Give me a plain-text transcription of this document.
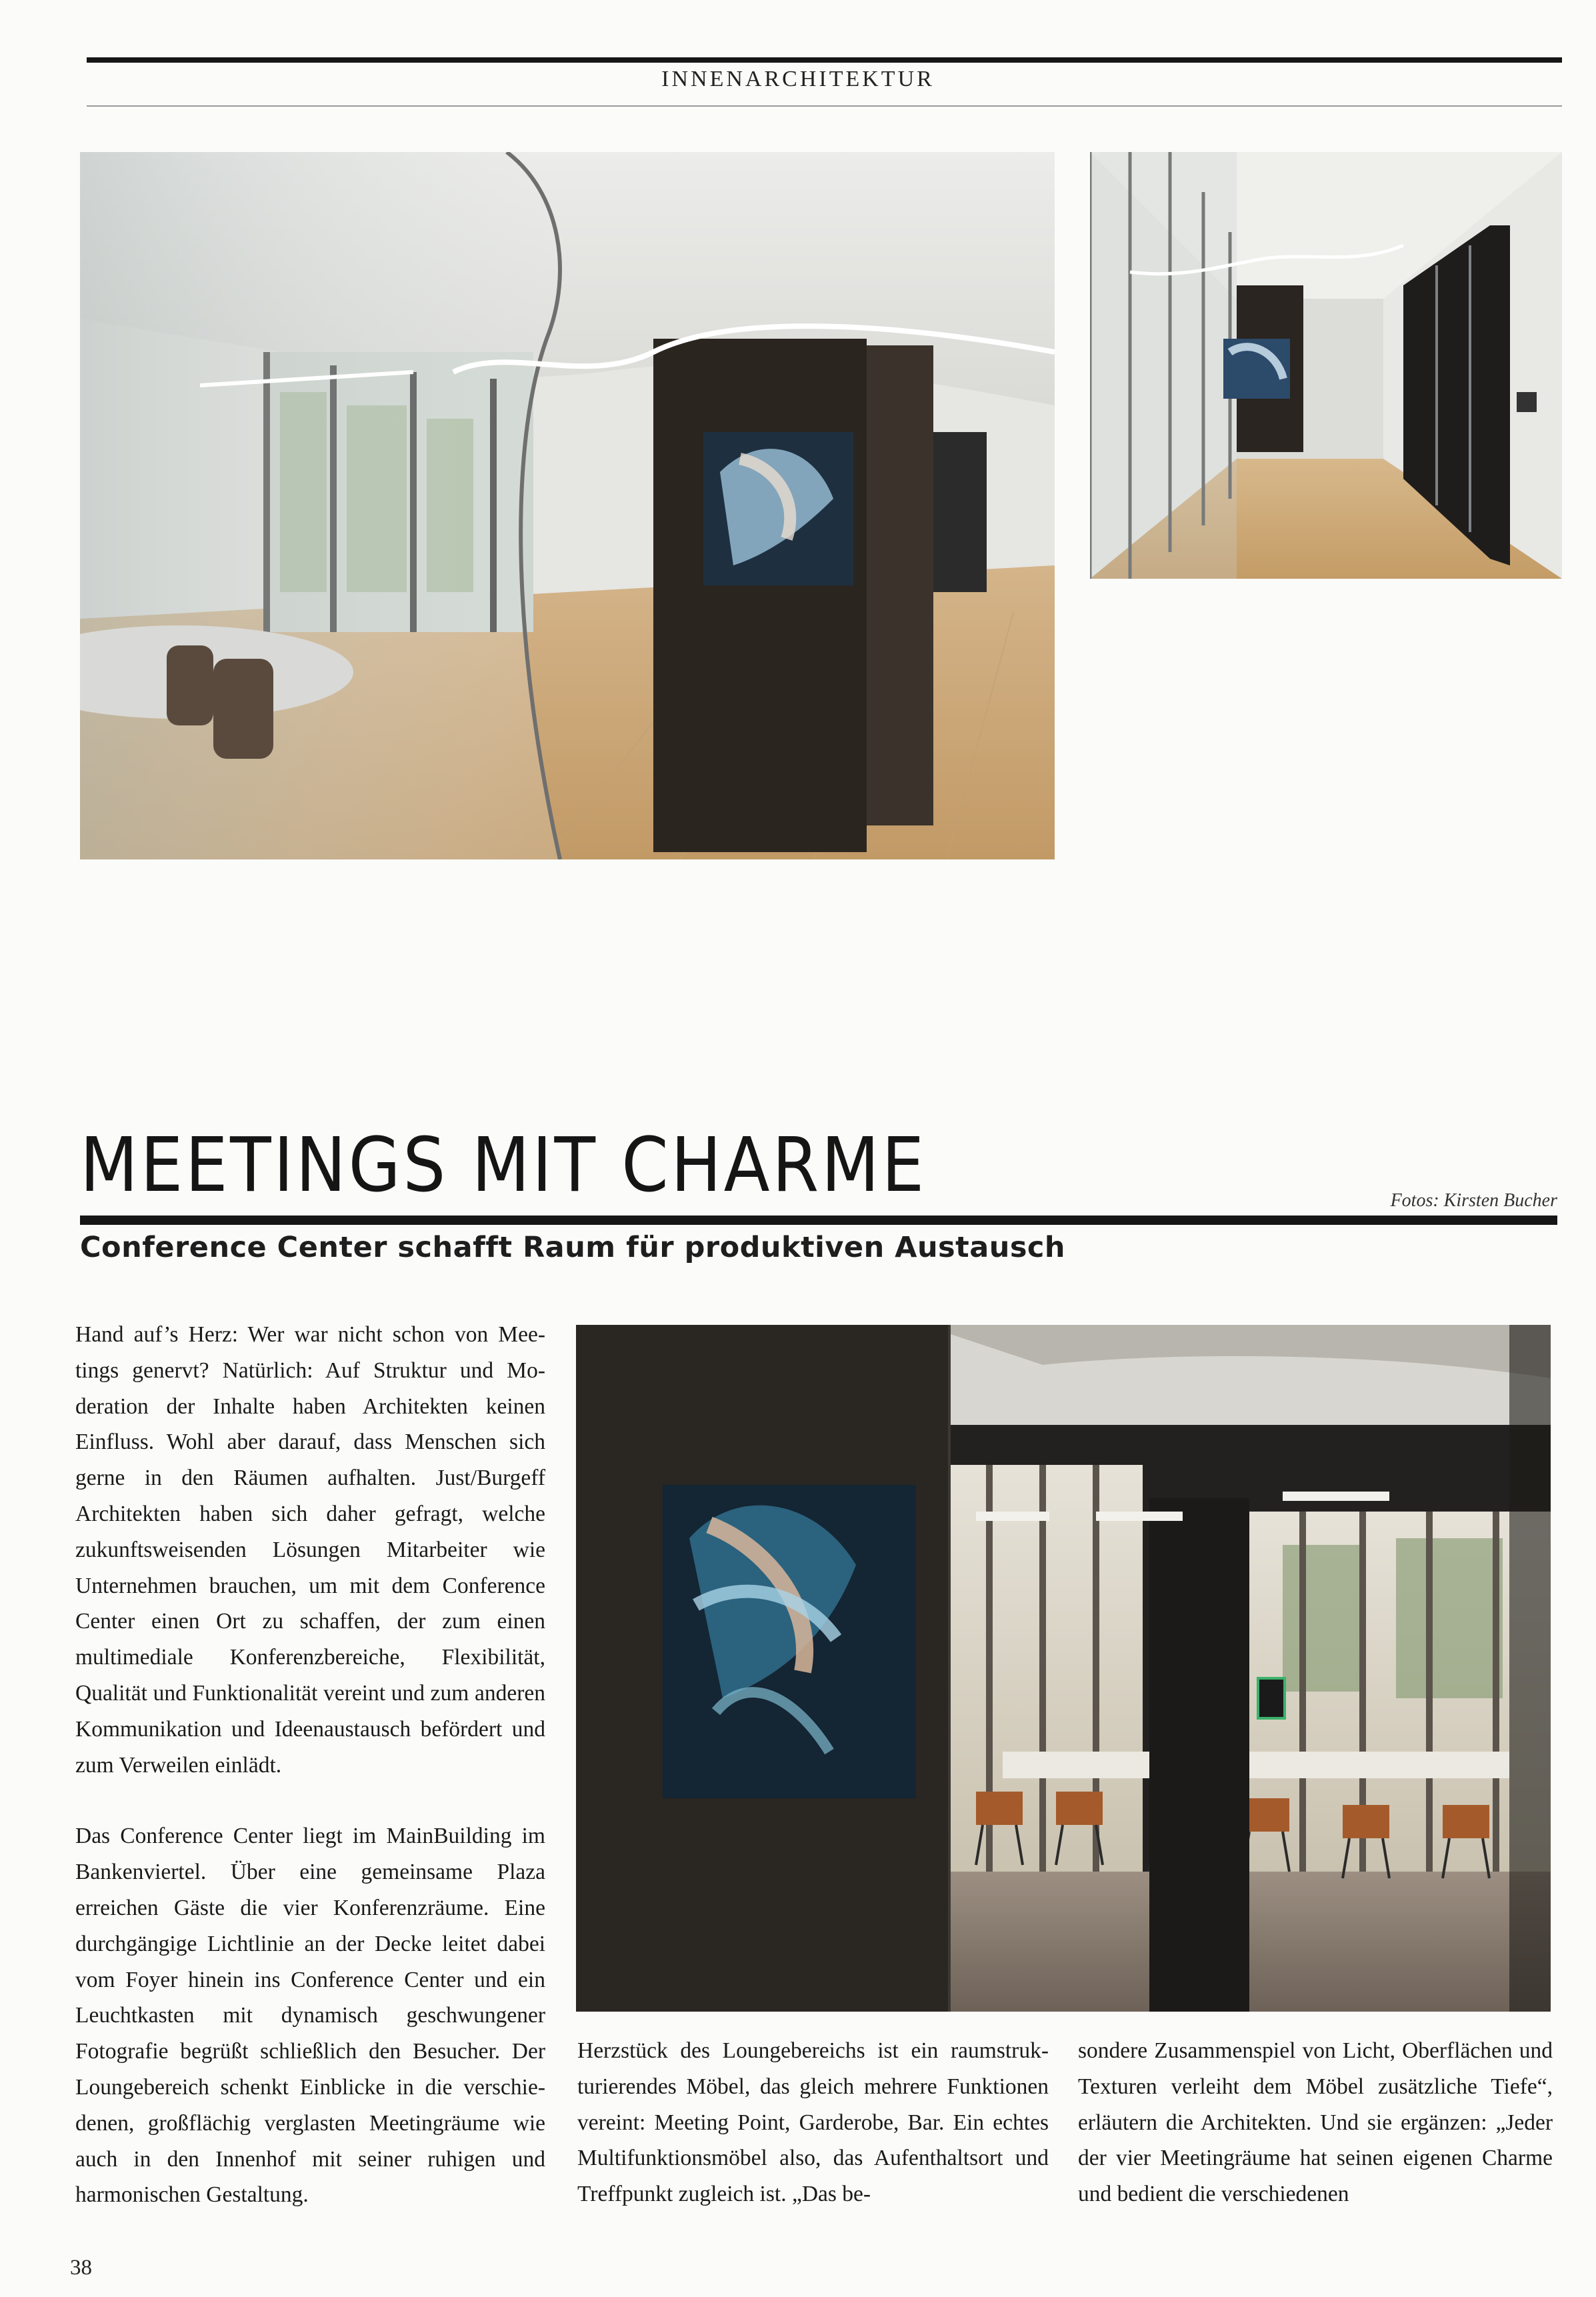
INNENARCHITEKTUR
MEETINGS MIT CHARME	Fotos: Kirsten Bucher
Conference Center schafft Raum für produktiven Austausch

Hand auf’s Herz: Wer war nicht schon von Meetings genervt? Natürlich: Auf Struktur und Moderation der Inhalte haben Architekten keinen Einfluss. Wohl aber darauf, dass Menschen sich gerne in den Räumen aufhalten. Just/Burgeff Architekten haben sich daher gefragt, welche zukunftsweisenden Lösungen Mitarbeiter wie Unternehmen brauchen, um mit dem Conference Center einen Ort zu schaffen, der zum einen multimediale Konferenzbereiche, Flexibilität, Qualität und Funktionalität vereint und zum anderen Kommunikation und Ideenaustausch befördert und zum Verweilen einlädt.

Das Conference Center liegt im MainBuilding im Bankenviertel. Über eine gemeinsame Plaza erreichen Gäste die vier Konferenzräume. Eine durchgängige Lichtlinie an der Decke leitet dabei vom Foyer hinein ins Conference Center und ein Leuchtkasten mit dynamisch geschwungener Fotografie begrüßt schließlich den Besucher. Der Loungebereich schenkt Einblicke in die verschiedenen, großflächig verglasten Meetingräume wie auch in den Innenhof mit seiner ruhigen und harmonischen Gestaltung.

Herzstück des Loungebereichs ist ein raumstrukturierendes Möbel, das gleich mehrere Funktionen vereint: Meeting Point, Garderobe, Bar. Ein echtes Multifunktionsmöbel also, das Aufenthaltsort und Treffpunkt zugleich ist. „Das be-

sondere Zusammenspiel von Licht, Oberflächen und Texturen verleiht dem Möbel zusätzliche Tiefe“, erläutern die Architekten. Und sie ergänzen: „Jeder der vier Meetingräume hat seinen eigenen Charme und bedient die verschiedenen

38
